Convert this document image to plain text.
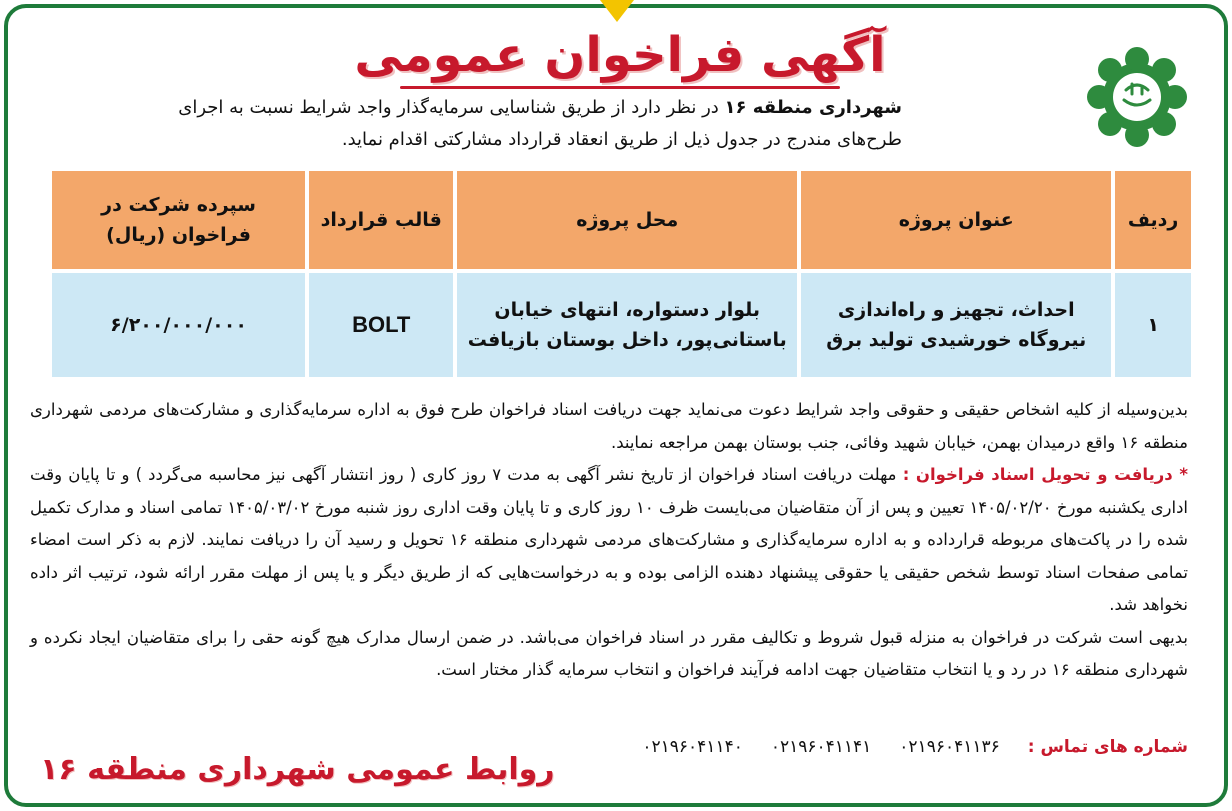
آگهی فراخوان عمومی
شهرداری منطقه ۱۶ در نظر دارد از طریق شناسایی سرمایه‌گذار واجد شرایط نسبت به اجرای طرح‌های مندرج در جدول ذیل از طریق انعقاد قرارداد مشارکتی اقدام نماید.
ردیف	عنوان پروژه	محل پروژه	قالب قرارداد	سپرده شرکت در فراخوان (ریال)
۱	احداث، تجهیز و راه‌اندازی نیروگاه خورشیدی تولید برق	بلوار دستواره، انتهای خیابان باستانی‌پور، داخل بوستان بازیافت	BOLT	۶/۲۰۰/۰۰۰/۰۰۰

بدین‌وسیله از کلیه اشخاص حقیقی و حقوقی واجد شرایط دعوت می‌نماید جهت دریافت اسناد فراخوان طرح فوق به اداره سرمایه‌گذاری و مشارکت‌های مردمی شهرداری منطقه ۱۶ واقع درمیدان بهمن، خیابان شهید وفائی، جنب بوستان بهمن مراجعه نمایند.

* دریافت و تحویل اسناد فراخوان : مهلت دریافت اسناد فراخوان از تاریخ نشر آگهی به مدت ۷ روز کاری ( روز انتشار آگهی نیز محاسبه می‌گردد ) و تا پایان وقت اداری یکشنبه مورخ ۱۴۰۵/۰۲/۲۰ تعیین و پس از آن متقاضیان می‌بایست ظرف ۱۰ روز کاری و تا پایان وقت اداری روز شنبه مورخ ۱۴۰۵/۰۳/۰۲ تمامی اسناد و مدارک تکمیل شده را در پاکت‌های مربوطه قرارداده و به اداره سرمایه‌گذاری و مشارکت‌های مردمی شهرداری منطقه ۱۶ تحویل و رسید آن را دریافت نمایند. لازم به ذکر است امضاء تمامی صفحات اسناد توسط شخص حقیقی یا حقوقی پیشنهاد دهنده الزامی بوده و به درخواست‌هایی که از طریق دیگر و یا پس از مهلت مقرر ارائه شود، ترتیب اثر داده نخواهد شد.

بدیهی است شرکت در فراخوان به منزله قبول شروط و تکالیف مقرر در اسناد فراخوان می‌باشد. در ضمن ارسال مدارک هیچ گونه حقی را برای متقاضیان ایجاد نکرده و شهرداری منطقه ۱۶ در رد و یا انتخاب متقاضیان جهت ادامه فرآیند فراخوان و انتخاب سرمایه گذار مختار است.

شماره های تماس :
۰۲۱۹۶۰۴۱۱۳۶
۰۲۱۹۶۰۴۱۱۴۱
۰۲۱۹۶۰۴۱۱۴۰
روابط عمومی شهرداری منطقه ۱۶
